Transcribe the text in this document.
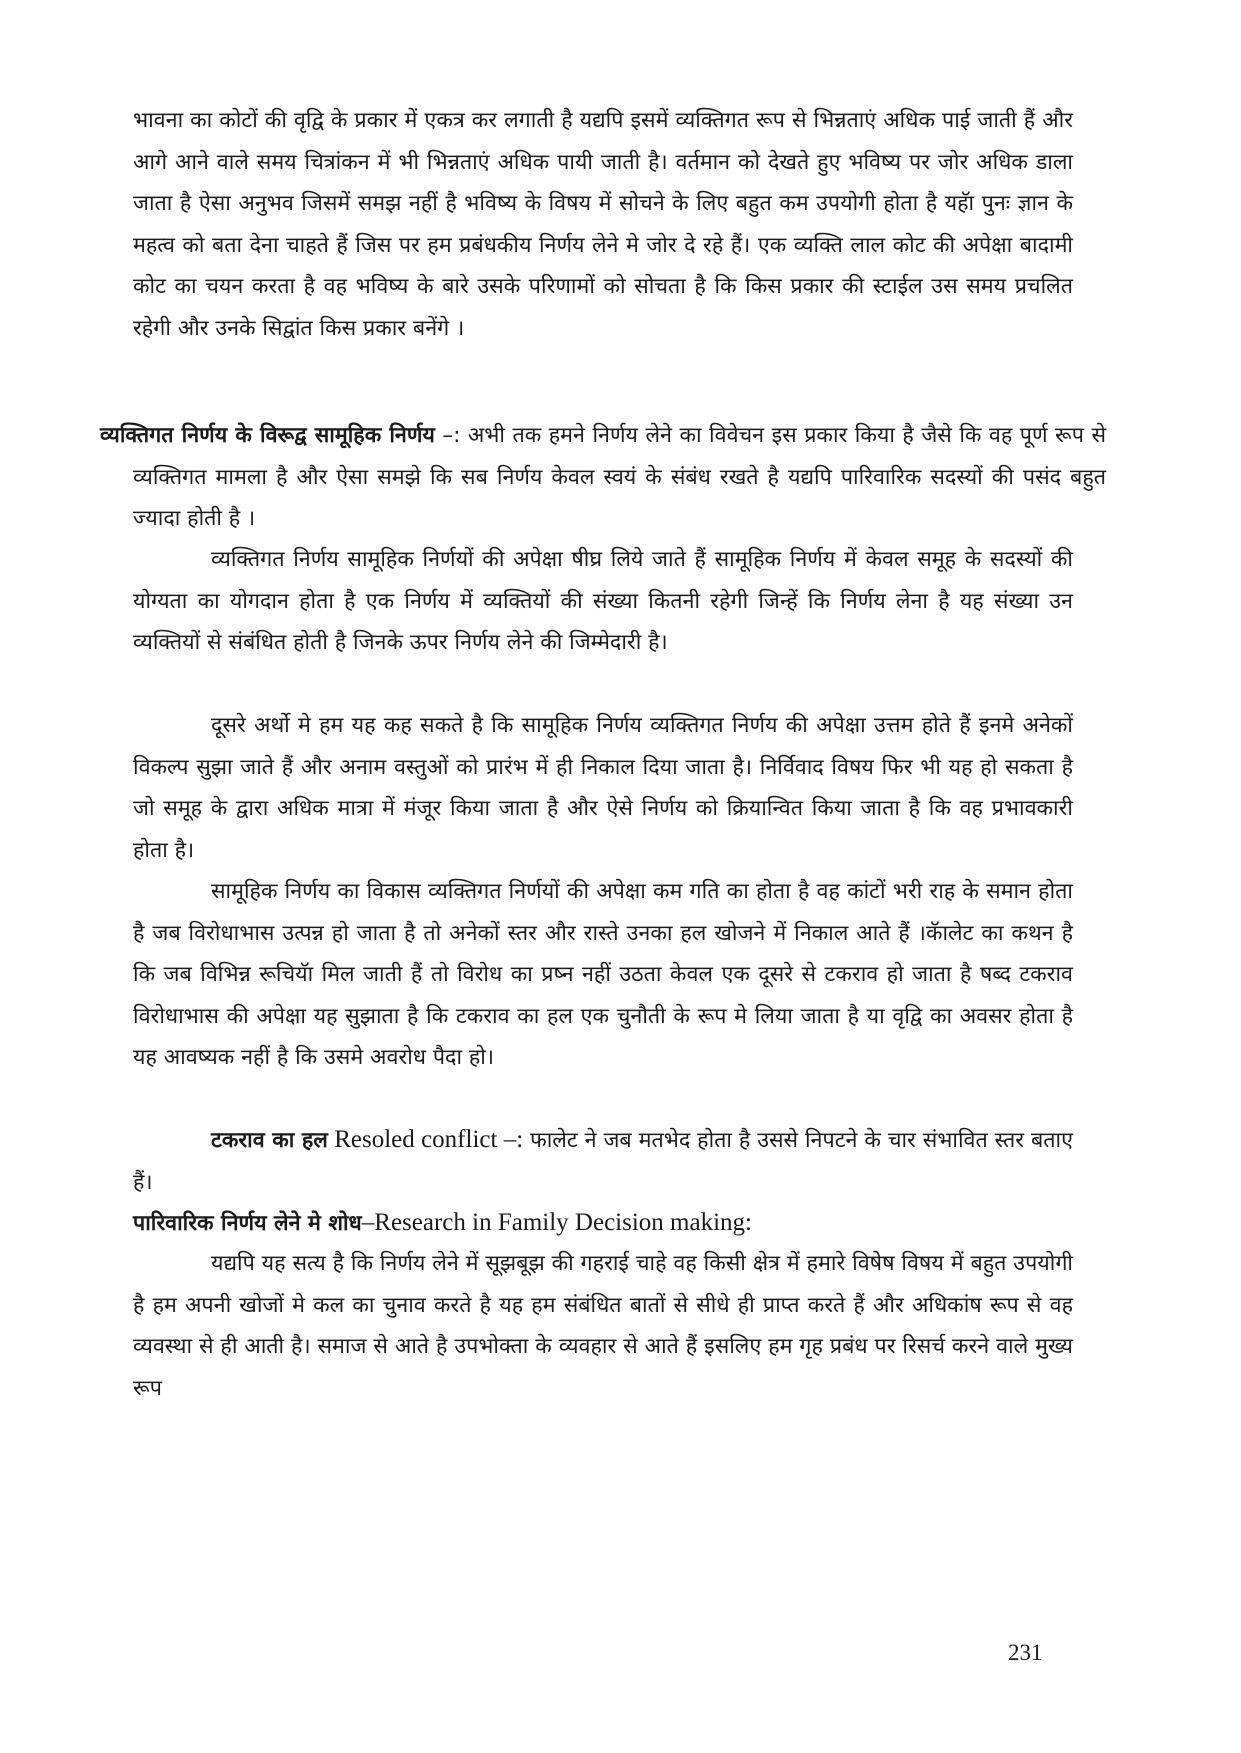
भावना का कोटों की वृद्वि के प्रकार में एकत्र कर लगाती है यद्यपि इसमें व्यक्तिगत रूप से भिन्नताएं अधिक पाई जाती हैं और आगे आने वाले समय चित्रांकन में भी भिन्नताएं अधिक पायी जाती है। वर्तमान को देखते हुए भविष्य पर जोर अधिक डाला जाता है ऐसा अनुभव जिसमें समझ नहीं है भविष्य के विषय में सोचने के लिए बहुत कम उपयोगी होता है यहॅा पुनः ज्ञान के महत्व को बता देना चाहते हैं जिस पर हम प्रबंधकीय निर्णय लेने मे जोर दे रहे हैं। एक व्यक्ति लाल कोट की अपेक्षा बादामी कोट का चयन करता है वह भविष्य के बारे उसके परिणामों को सोचता है कि किस प्रकार की स्टाईल उस समय प्रचलित रहेगी और उनके सिद्वांत किस प्रकार बनेंगे ।

व्यक्तिगत निर्णय के विरूद्व सामूहिक निर्णय –: अभी तक हमने निर्णय लेने का विवेचन इस प्रकार किया है जैसे कि वह पूर्ण रूप से व्यक्तिगत मामला है और ऐसा समझे कि सब निर्णय केवल स्वयं के संबंध रखते है यद्यपि पारिवारिक सदस्यों की पसंद बहुत ज्यादा होती है ।

व्यक्तिगत निर्णय सामूहिक निर्णयों की अपेक्षा षीघ्र लिये जाते हैं सामूहिक निर्णय में केवल समूह के सदस्यों की योग्यता का योगदान होता है एक निर्णय में व्यक्तियों की संख्या कितनी रहेगी जिन्हें कि निर्णय लेना है यह संख्या उन व्यक्तियों से संबंधित होती है जिनके ऊपर निर्णय लेने की जिम्मेदारी है।

दूसरे अर्थो मे हम यह कह सकते है कि सामूहिक निर्णय व्यक्तिगत निर्णय की अपेक्षा उत्तम होते हैं इनमे अनेकों विकल्प सुझा जाते हैं और अनाम वस्तुओं को प्रारंभ में ही निकाल दिया जाता है। निर्विवाद विषय फिर भी यह हो सकता है जो समूह के द्वारा अधिक मात्रा में मंजूर किया जाता है और ऐसे निर्णय को क्रियान्वित किया जाता है कि वह प्रभावकारी होता है।

सामूहिक निर्णय का विकास व्यक्तिगत निर्णयों की अपेक्षा कम गति का होता है वह कांटों भरी राह के समान होता है जब विरोधाभास उत्पन्न हो जाता है तो अनेकों स्तर और रास्ते उनका हल खोजने में निकाल आते हैं ।कॅालेट का कथन है कि जब विभिन्न रूचियॅा मिल जाती हैं तो विरोध का प्रष्न नहीं उठता केवल एक दूसरे से टकराव हो जाता है षब्द टकराव विरोधाभास की अपेक्षा यह सुझाता है कि टकराव का हल एक चुनौती के रूप मे लिया जाता है या वृद्वि का अवसर होता है यह आवष्यक नहीं है कि उसमे अवरोध पैदा हो।

टकराव का हल Resoled conflict –: फालेट ने जब मतभेद होता है उससे निपटने के चार संभावित स्तर बताए हैं।

पारिवारिक निर्णय लेने मे शोध–Research in Family Decision making:

यद्यपि यह सत्य है कि निर्णय लेने में सूझबूझ की गहराई चाहे वह किसी क्षेत्र में हमारे विषेष विषय में बहुत उपयोगी है हम अपनी खोजों मे कल का चुनाव करते है यह हम संबंधित बातों से सीधे ही प्राप्त करते हैं और अधिकांष रूप से वह व्यवस्था से ही आती है। समाज से आते है उपभोक्ता के व्यवहार से आते हैं इसलिए हम गृह प्रबंध पर रिसर्च करने वाले मुख्य रूप

231
